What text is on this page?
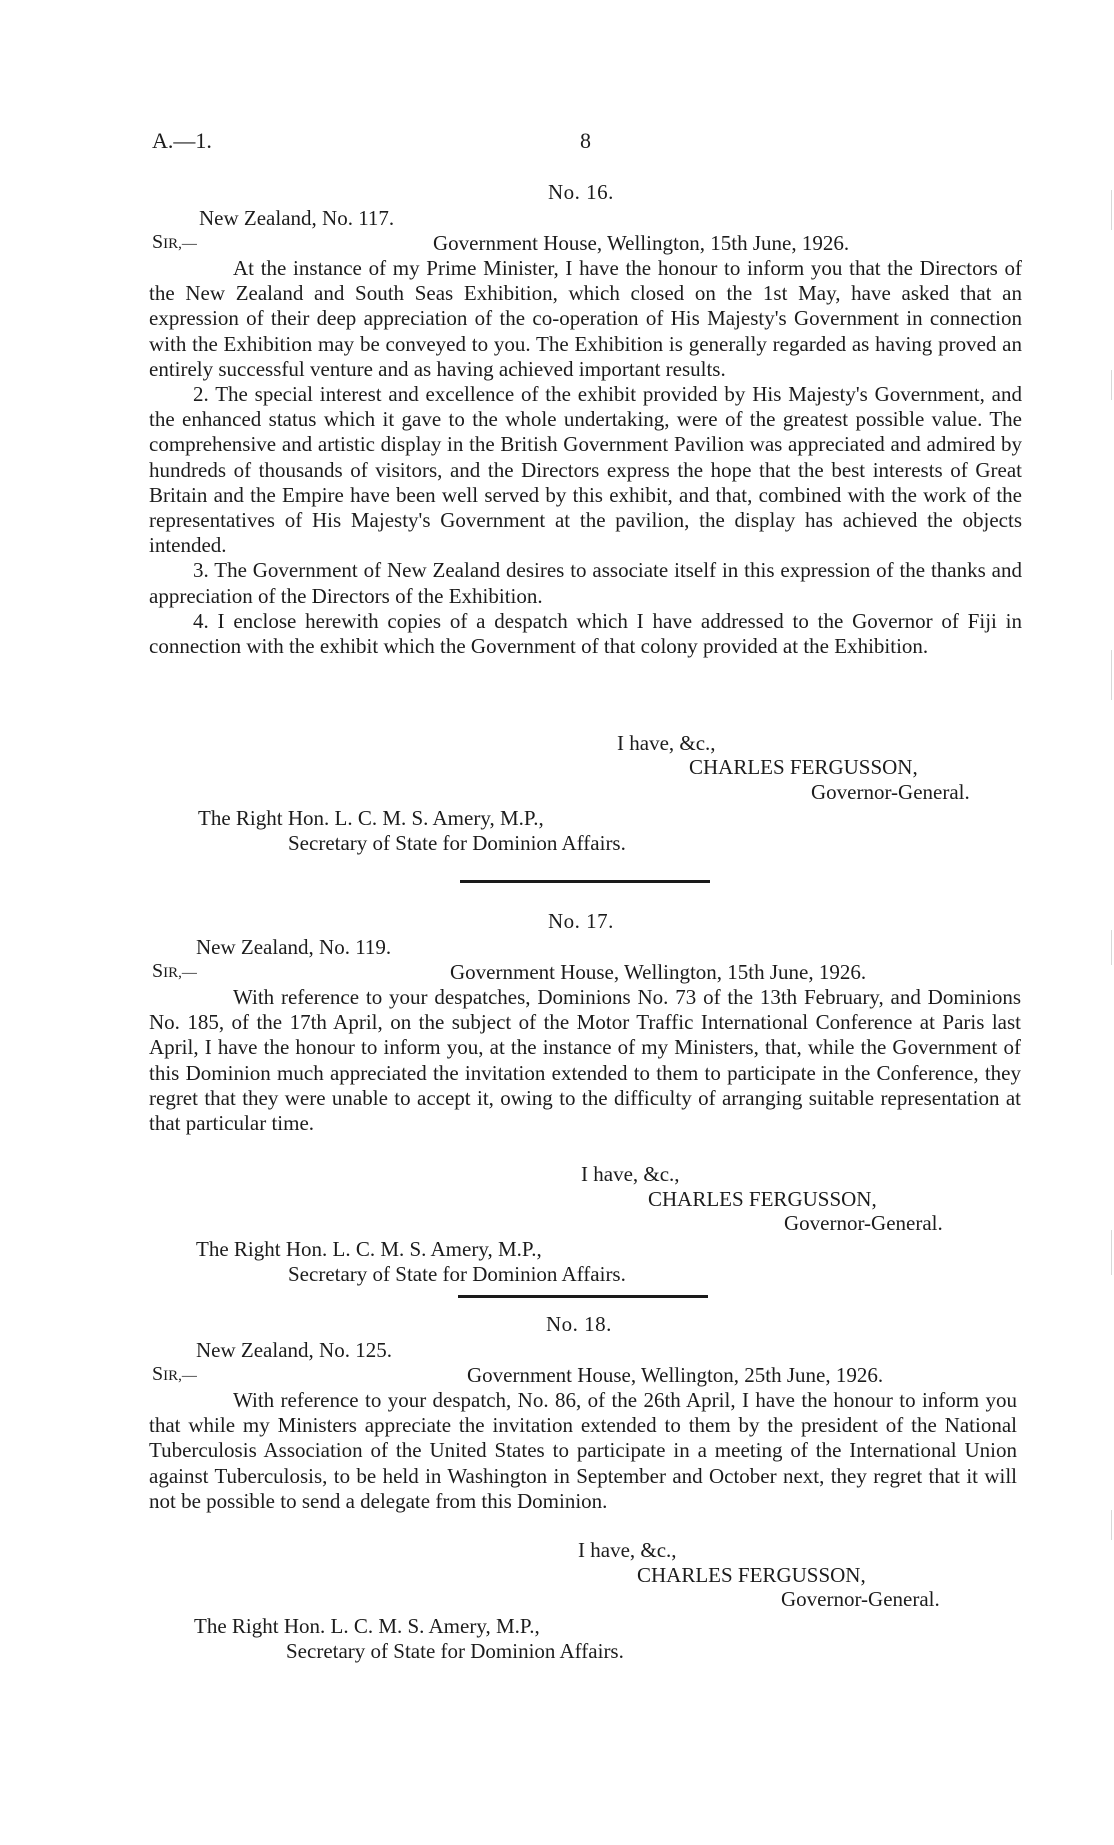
A.—1.	8
No. 16.
New Zealand, No. 117.
SIR,—	Government House, Wellington, 15th June, 1926.

At the instance of my Prime Minister, I have the honour to inform you that the Directors of the New Zealand and South Seas Exhibition, which closed on the 1st May, have asked that an expression of their deep appreciation of the co-operation of His Majesty's Government in connection with the Exhibition may be conveyed to you. The Exhibition is generally regarded as having proved an entirely successful venture and as having achieved important results.

2. The special interest and excellence of the exhibit provided by His Majesty's Government, and the enhanced status which it gave to the whole undertaking, were of the greatest possible value. The comprehensive and artistic display in the British Government Pavilion was appreciated and admired by hundreds of thousands of visitors, and the Directors express the hope that the best interests of Great Britain and the Empire have been well served by this exhibit, and that, combined with the work of the representatives of His Majesty's Government at the pavilion, the display has achieved the objects intended.

3. The Government of New Zealand desires to associate itself in this expression of the thanks and appreciation of the Directors of the Exhibition.

4. I enclose herewith copies of a despatch which I have addressed to the Governor of Fiji in connection with the exhibit which the Government of that colony provided at the Exhibition.

I have, &c.,
CHARLES FERGUSSON,
Governor-General.
The Right Hon. L. C. M. S. Amery, M.P.,
Secretary of State for Dominion Affairs.
No. 17.
New Zealand, No. 119.
SIR,—	Government House, Wellington, 15th June, 1926.

With reference to your despatches, Dominions No. 73 of the 13th February, and Dominions No. 185, of the 17th April, on the subject of the Motor Traffic International Conference at Paris last April, I have the honour to inform you, at the instance of my Ministers, that, while the Government of this Dominion much appreciated the invitation extended to them to participate in the Conference, they regret that they were unable to accept it, owing to the difficulty of arranging suitable representation at that particular time.

I have, &c.,
CHARLES FERGUSSON,
Governor-General.
The Right Hon. L. C. M. S. Amery, M.P.,
Secretary of State for Dominion Affairs.
No. 18.
New Zealand, No. 125.
SIR,—	Government House, Wellington, 25th June, 1926.

With reference to your despatch, No. 86, of the 26th April, I have the honour to inform you that while my Ministers appreciate the invitation extended to them by the president of the National Tuberculosis Association of the United States to participate in a meeting of the International Union against Tuberculosis, to be held in Washington in September and October next, they regret that it will not be possible to send a delegate from this Dominion.

I have, &c.,
CHARLES FERGUSSON,
Governor-General.
The Right Hon. L. C. M. S. Amery, M.P.,
Secretary of State for Dominion Affairs.
